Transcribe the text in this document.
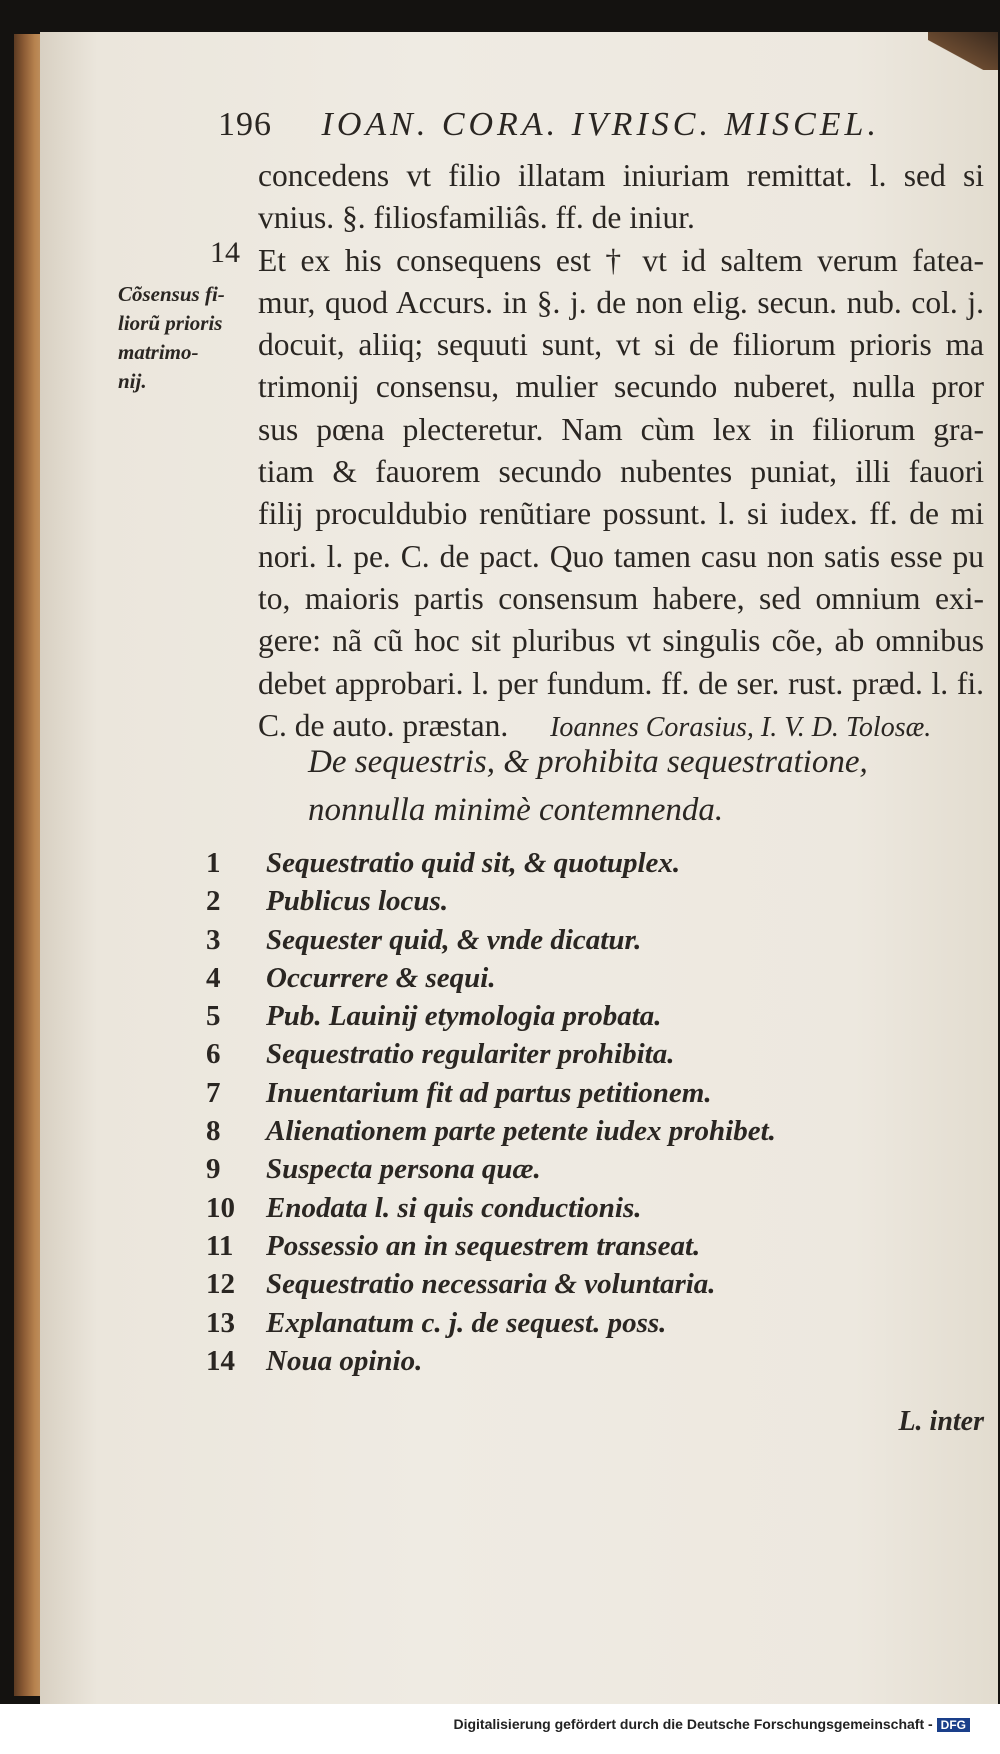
196 IOAN. CORA. IVRISC. MISCEL.
14
Cõsensus fi-
liorũ prioris
matrimo-
nij.
concedens vt filio illatam iniuriam remittat. l. sed si
vnius. §. filiosfamiliâs. ff. de iniur.
Et ex his consequens est † vt id saltem verum fatea-
mur, quod Accurs. in §. j. de non elig. secun. nub. col. j.
docuit, aliiq; sequuti sunt, vt si de filiorum prioris ma
trimonij consensu, mulier secundo nuberet, nulla pror
sus pœna plecteretur. Nam cùm lex in filiorum gra-
tiam & fauorem secundo nubentes puniat, illi fauori
filij proculdubio renũtiare possunt. l. si iudex. ff. de mi
nori. l. pe. C. de pact. Quo tamen casu non satis esse pu
to, maioris partis consensum habere, sed omnium exi-
gere: nã cũ hoc sit pluribus vt singulis cõe, ab omnibus
debet approbari. l. per fundum. ff. de ser. rust. præd. l. fi.
C. de auto. præstan. Ioannes Corasius, I. V. D. Tolosæ.
De sequestris, & prohibita sequestratione,
nonnulla minimè contemnenda.
1	Sequestratio quid sit, & quotuplex.
2	Publicus locus.
3	Sequester quid, & vnde dicatur.
4	Occurrere & sequi.
5	Pub. Lauinij etymologia probata.
6	Sequestratio regulariter prohibita.
7	Inuentarium fit ad partus petitionem.
8	Alienationem parte petente iudex prohibet.
9	Suspecta persona quæ.
10	Enodata l. si quis conductionis.
11	Possessio an in sequestrem transeat.
12	Sequestratio necessaria & voluntaria.
13	Explanatum c. j. de sequest. poss.
14	Noua opinio.
L. inter
Digitalisierung gefördert durch die Deutsche Forschungsgemeinschaft - DFG
